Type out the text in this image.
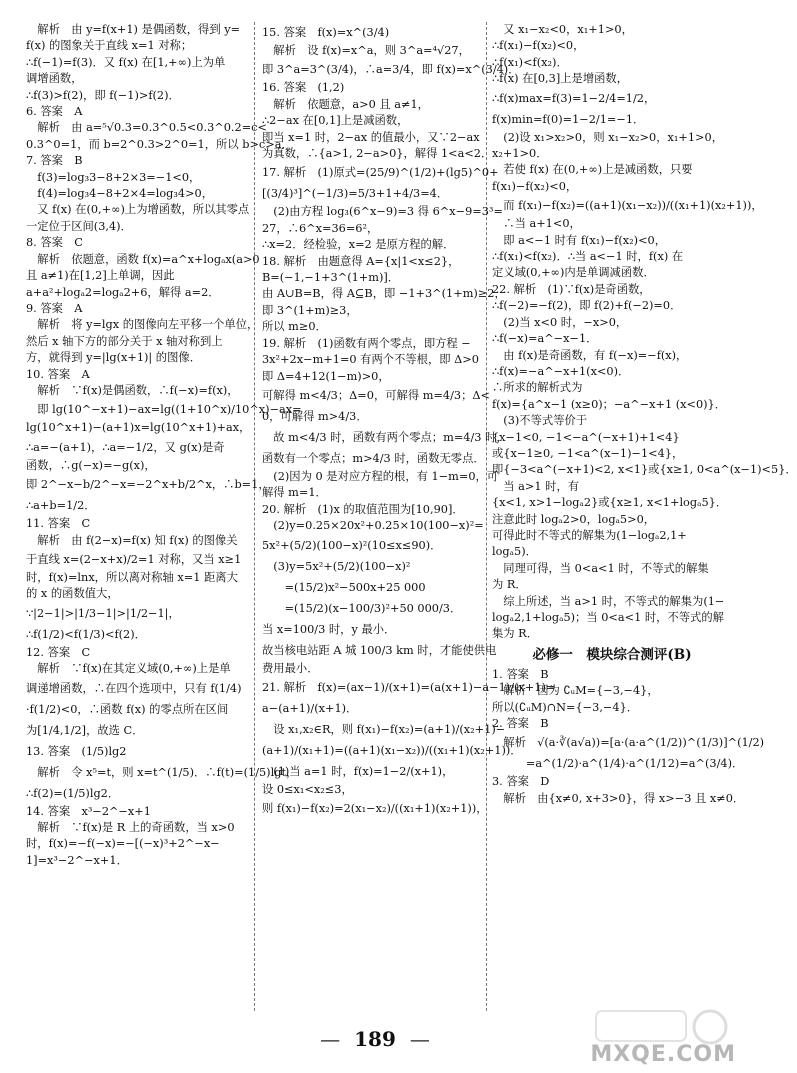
　解析　由 y=f(x+1) 是偶函数，得到 y=
f(x) 的图象关于直线 x=1 对称；
∴f(−1)=f(3)．又 f(x) 在[1,+∞)上为单
调增函数，
∴f(3)>f(2)，即 f(−1)>f(2)．
6. 答案　A
　解析　由 a=⁵√0.3=0.3^0.5<0.3^0.2=c<
0.3^0=1，而 b=2^0.3>2^0=1，所以 b>c>a．
7. 答案　B
　f(3)=log₃3−8+2×3=−1<0，
　f(4)=log₃4−8+2×4=log₃4>0，
　又 f(x) 在(0,+∞)上为增函数，所以其零点
一定位于区间(3,4)．
8. 答案　C
　解析　依题意，函数 f(x)=a^x+logₐx(a>0
且 a≠1)在[1,2]上单调，因此
a+a²+logₐ2=logₐ2+6，解得 a=2．
9. 答案　A
　解析　将 y=lgx 的图像向左平移一个单位，
然后 x 轴下方的部分关于 x 轴对称到上
方，就得到 y=|lg(x+1)| 的图像．
10. 答案　A
　解析　∵f(x)是偶函数，∴f(−x)=f(x)，
　即 lg(10^−x+1)−ax=lg((1+10^x)/10^x)−ax=
lg(10^x+1)−(a+1)x=lg(10^x+1)+ax，
∴a=−(a+1)，∴a=−1/2，又 g(x)是奇
函数，∴g(−x)=−g(x)，
即 2^−x−b/2^−x=−2^x+b/2^x，∴b=1，
∴a+b=1/2．
11. 答案　C
　解析　由 f(2−x)=f(x) 知 f(x) 的图像关
于直线 x=(2−x+x)/2=1 对称，又当 x≥1
时，f(x)=lnx，所以离对称轴 x=1 距离大
的 x 的函数值大，
∵|2−1|>|1/3−1|>|1/2−1|，
∴f(1/2)<f(1/3)<f(2)．
12. 答案　C
　解析　∵f(x)在其定义域(0,+∞)上是单
调递增函数，∴在四个选项中，只有 f(1/4)
·f(1/2)<0，∴函数 f(x) 的零点所在区间
为[1/4,1/2]，故选 C．
13. 答案　(1/5)lg2
　解析　令 x⁵=t，则 x=t^(1/5)．∴f(t)=(1/5)lgt，
∴f(2)=(1/5)lg2．
14. 答案　x³−2^−x+1
　解析　∵f(x)是 R 上的奇函数，当 x>0
时，f(x)=−f(−x)=−[(−x)³+2^−x−
1]=x³−2^−x+1．
15. 答案　f(x)=x^(3/4)
　解析　设 f(x)=x^a，则 3^a=⁴√27，
即 3^a=3^(3/4)，∴a=3/4，即 f(x)=x^(3/4)．
16. 答案　(1,2)
　解析　依题意，a>0 且 a≠1，
∴2−ax 在[0,1]上是减函数，
即当 x=1 时，2−ax 的值最小，又∵2−ax
为真数，∴{a>1, 2−a>0}，解得 1<a<2．
17. 解析　(1)原式=(25/9)^(1/2)+(lg5)^0+
[(3/4)³]^(−1/3)=5/3+1+4/3=4．
　(2)由方程 log₃(6^x−9)=3 得 6^x−9=3³=
27，∴6^x=36=6²，
∴x=2．经检验，x=2 是原方程的解．
18. 解析　由题意得 A={x|1<x≤2}，
B=(−1,−1+3^(1+m)]．
由 A∪B=B，得 A⊆B，即 −1+3^(1+m)≥2，
即 3^(1+m)≥3，
所以 m≥0．
19. 解析　(1)函数有两个零点，即方程 −
3x²+2x−m+1=0 有两个不等根，即 Δ>0
即 Δ=4+12(1−m)>0，
可解得 m<4/3；Δ=0，可解得 m=4/3；Δ<
0，可解得 m>4/3．
　故 m<4/3 时，函数有两个零点；m=4/3 时，
函数有一个零点；m>4/3 时，函数无零点．
　(2)因为 0 是对应方程的根，有 1−m=0，可
解得 m=1．
20. 解析　(1)x 的取值范围为[10,90]．
　(2)y=0.25×20x²+0.25×10(100−x)²=
5x²+(5/2)(100−x)²(10≤x≤90)．
　(3)y=5x²+(5/2)(100−x)²
　　=(15/2)x²−500x+25 000
　　=(15/2)(x−100/3)²+50 000/3．
当 x=100/3 时，y 最小．
故当核电站距 A 城 100/3 km 时，才能使供电
费用最小．
21. 解析　f(x)=(ax−1)/(x+1)=(a(x+1)−a−1)/(x+1)=
a−(a+1)/(x+1)．
　设 x₁,x₂∈R，则 f(x₁)−f(x₂)=(a+1)/(x₂+1)−
(a+1)/(x₁+1)=((a+1)(x₁−x₂))/((x₁+1)(x₂+1))．
　(1)当 a=1 时，f(x)=1−2/(x+1)，
设 0≤x₁<x₂≤3，
则 f(x₁)−f(x₂)=2(x₁−x₂)/((x₁+1)(x₂+1))，
　又 x₁−x₂<0，x₁+1>0，
∴f(x₁)−f(x₂)<0，
∴f(x₁)<f(x₂)．
∴f(x) 在[0,3]上是增函数，
∴f(x)max=f(3)=1−2/4=1/2，
f(x)min=f(0)=1−2/1=−1．
　(2)设 x₁>x₂>0，则 x₁−x₂>0，x₁+1>0，
x₂+1>0．
　若使 f(x) 在(0,+∞)上是减函数，只要
f(x₁)−f(x₂)<0，
　而 f(x₁)−f(x₂)=((a+1)(x₁−x₂))/((x₁+1)(x₂+1))，
　∴当 a+1<0，
　即 a<−1 时有 f(x₁)−f(x₂)<0，
∴f(x₁)<f(x₂)．∴当 a<−1 时，f(x) 在
定义域(0,+∞)内是单调减函数．
22. 解析　(1)∵f(x)是奇函数，
∴f(−2)=−f(2)，即 f(2)+f(−2)=0．
　(2)当 x<0 时，−x>0，
∴f(−x)=a^−x−1．
　由 f(x)是奇函数，有 f(−x)=−f(x)，
∴f(x)=−a^−x+1(x<0)．
∴所求的解析式为
f(x)={a^x−1 (x≥0)；−a^−x+1 (x<0)}．
　(3)不等式等价于
{x−1<0, −1<−a^(−x+1)+1<4}
或{x−1≥0, −1<a^(x−1)−1<4}，
即{−3<a^(−x+1)<2, x<1}或{x≥1, 0<a^(x−1)<5}．
　当 a>1 时，有
{x<1, x>1−logₐ2}或{x≥1, x<1+logₐ5}．
注意此时 logₐ2>0，logₐ5>0，
可得此时不等式的解集为(1−logₐ2,1+
logₐ5)．
　同理可得，当 0<a<1 时，不等式的解集
为 R．
　综上所述，当 a>1 时，不等式的解集为(1−
logₐ2,1+logₐ5)；当 0<a<1 时，不等式的解
集为 R．
必修一　模块综合测评(B)
1. 答案　B
　解析　因为 ∁ᵤM={−3,−4}，
所以(∁ᵤM)∩N={−3,−4}．
2. 答案　B
　解析　√(a·∛(a√a))=[a·(a·a^(1/2))^(1/3)]^(1/2)
　　　=a^(1/2)·a^(1/4)·a^(1/12)=a^(3/4)．
3. 答案　D
　解析　由{x≠0, x+3>0}，得 x>−3 且 x≠0．
— 189 —
MXQE.COM
